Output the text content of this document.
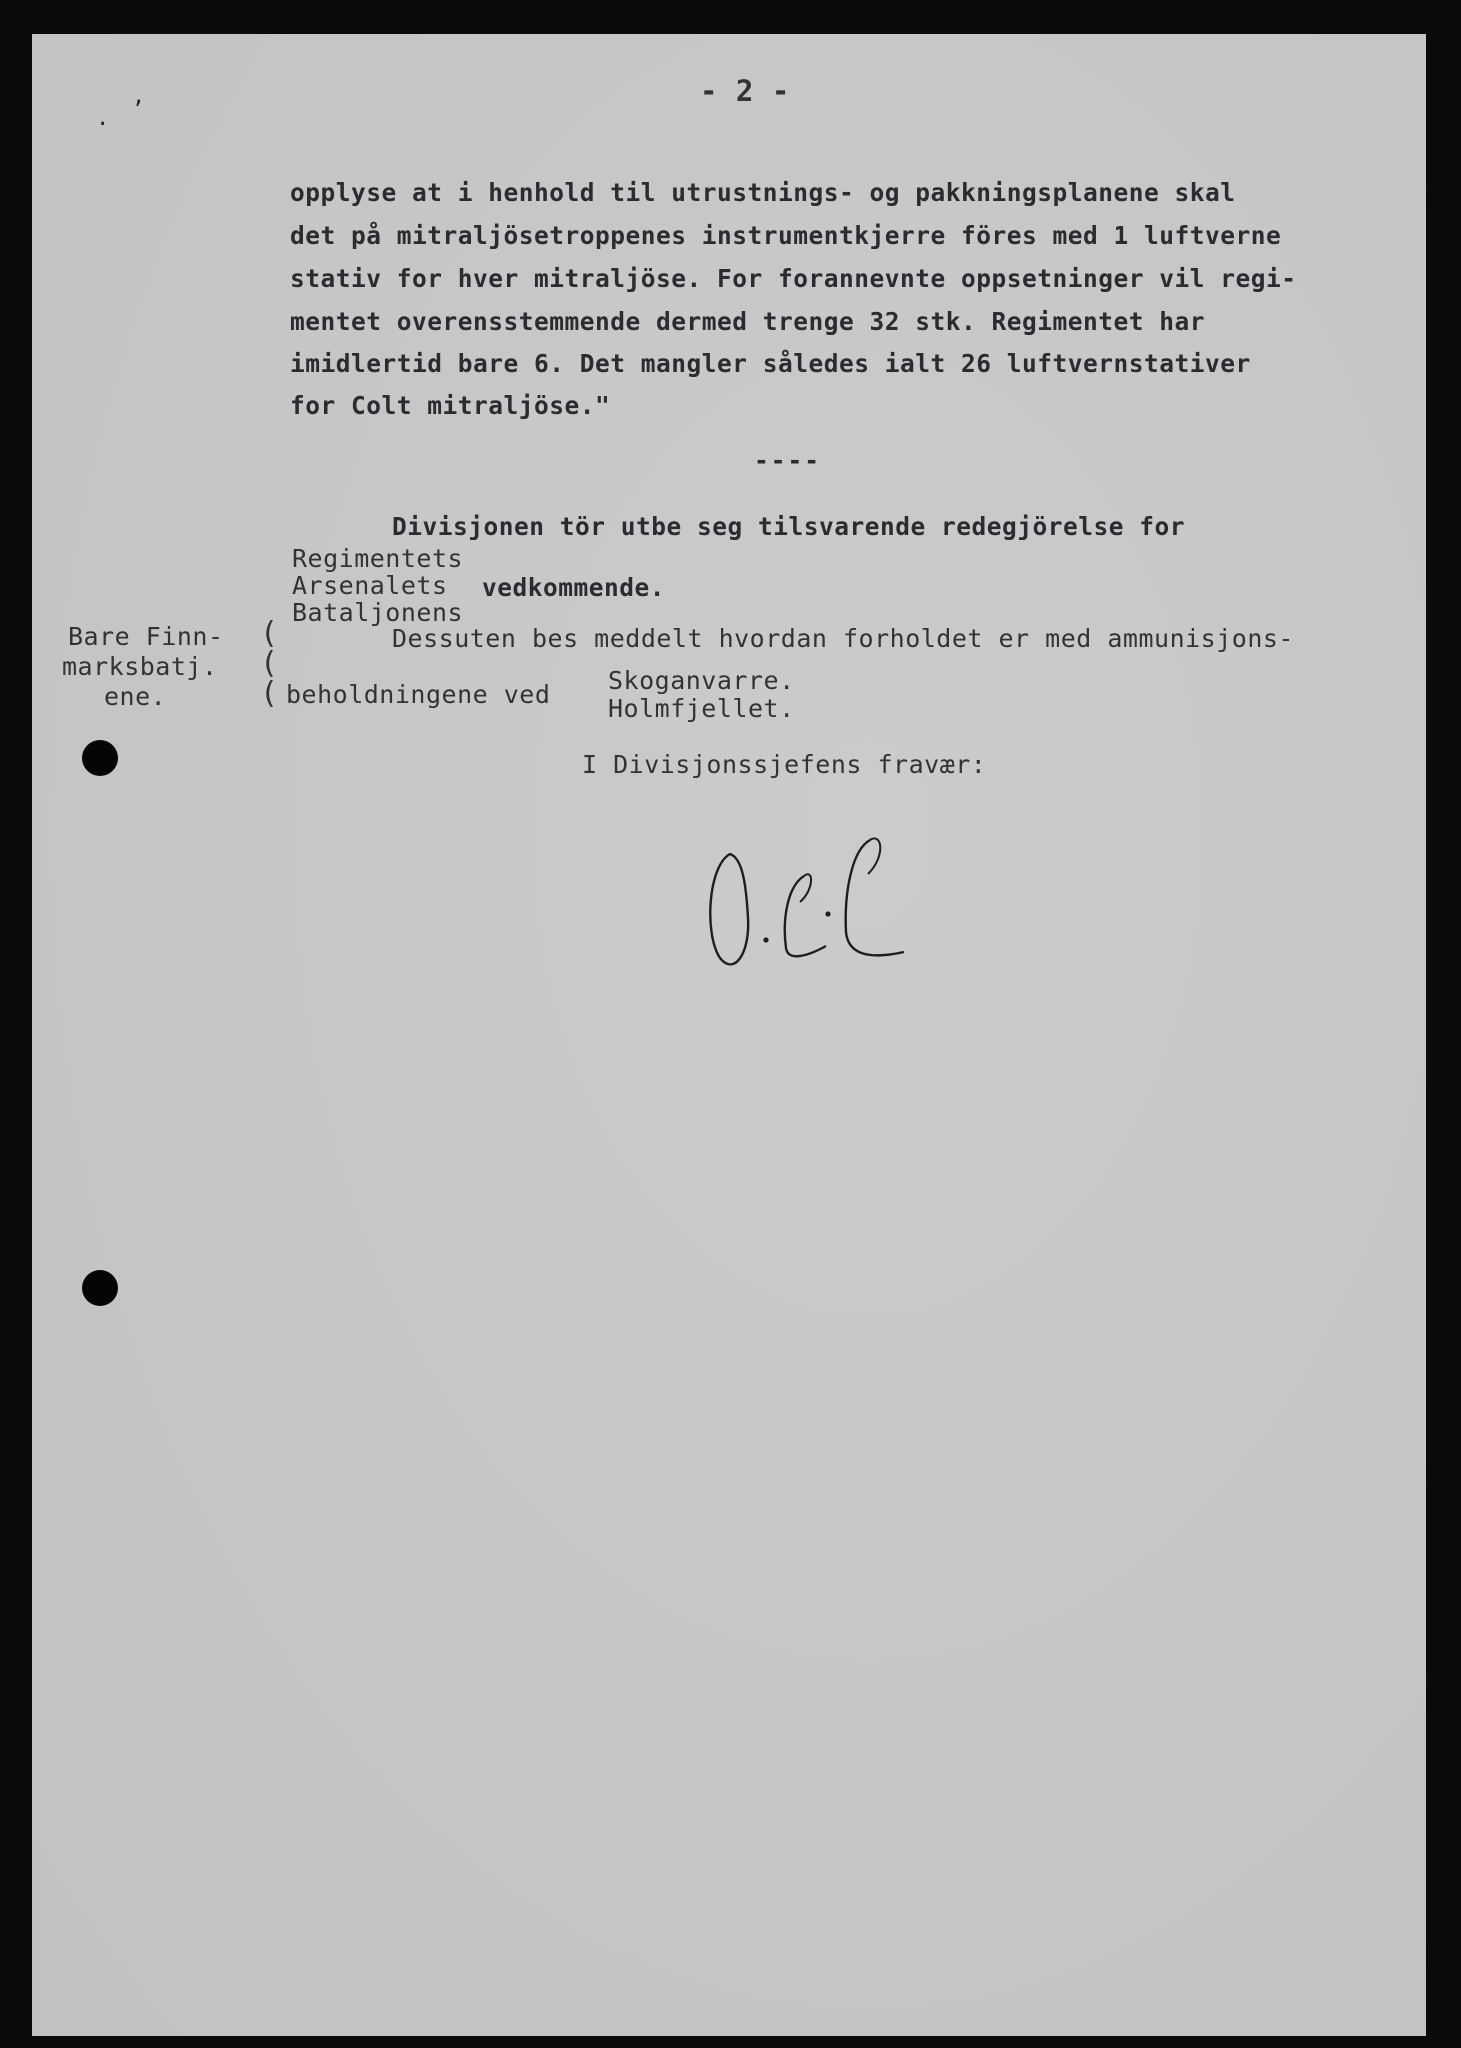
,
·
- 2 -
opplyse at i henhold til utrustnings- og pakkningsplanene skal
det på mitraljösetroppenes instrumentkjerre föres med 1 luftverne
stativ for hver mitraljöse. For forannevnte oppsetninger vil regi-
mentet overensstemmende dermed trenge 32 stk. Regimentet har
imidlertid bare 6. Det mangler således ialt 26 luftvernstativer
for Colt mitraljöse."
----
Divisjonen tör utbe seg tilsvarende redegjörelse for
Regimentets
Arsenalets vedkommende.
Bataljonens
Bare Finn-
marksbatj.
ene.
(
(
(
Dessuten bes meddelt hvordan forholdet er med ammunisjons-
beholdningene ved Skoganvarre.
Holmfjellet.
I Divisjonssjefens fravær:
